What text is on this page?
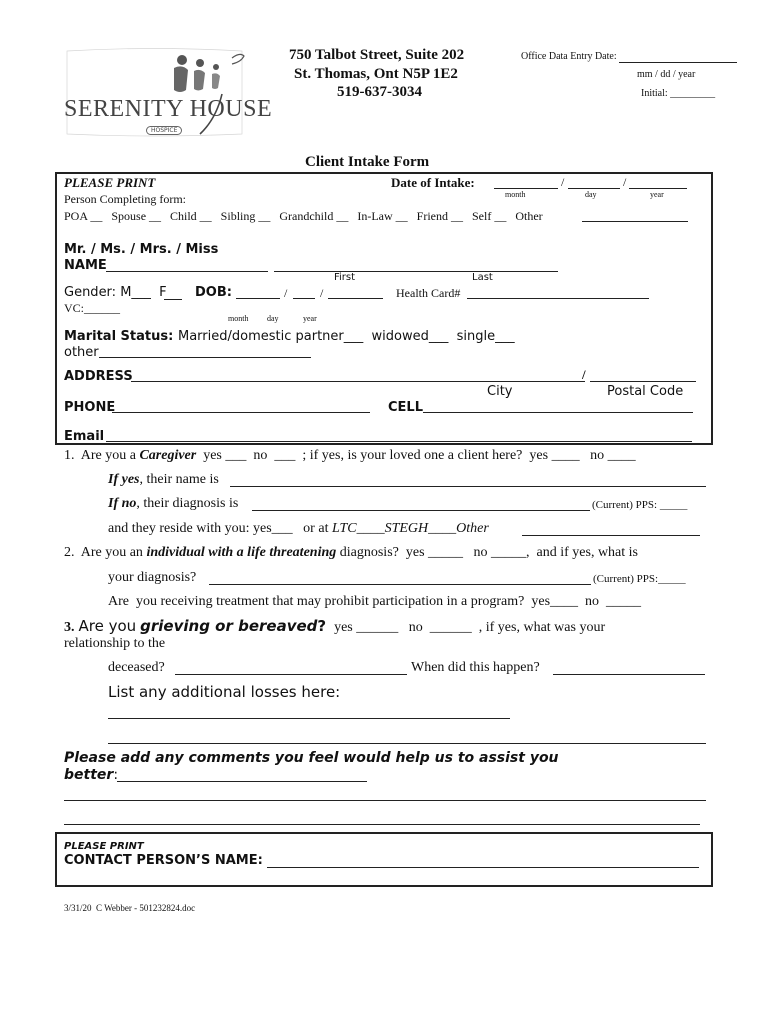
SERENITY HOUSE
HOSPICE
750 Talbot Street, Suite 202
St. Thomas, Ont N5P 1E2
519-637-3034
Office Data Entry Date:
mm / dd / year
Initial: _________
Client Intake Form
PLEASE PRINT	Date of Intake:	/	/
month	day	year
Person Completing form:
POA __   Spouse __   Child __   Sibling __   Grandchild __   In-Law __   Friend __   Self __   Other
Mr. / Ms. / Mrs. / Miss
NAME
First	Last
Gender: M___  F DOB:	/	/	Health Card#
VC:______
month day	year
Marital Status: Married/domestic partner___  widowed___  single___
other
ADDRESS	/
City	Postal Code
PHONE	CELL
Email
1.  Are you a Caregiver  yes ___  no  ___  ; if yes, is your loved one a client here?  yes ____   no ____
If yes, their name is
If no, their diagnosis is	(Current) PPS: _____
and they reside with you: yes___   or at LTC____STEGH____Other
2.  Are you an individual with a life threatening diagnosis?  yes _____   no _____,  and if yes, what is
your diagnosis?	(Current) PPS:_____
Are  you receiving treatment that may prohibit participation in a program?  yes____  no  _____
3. Are you grieving or bereaved? yes ______   no  ______  , if yes, what was your
relationship to the
deceased?	When did this happen?
List any additional losses here:
Please add any comments you feel would help us to assist you
better:
PLEASE PRINT
CONTACT PERSON’S NAME:
3/31/20  C Webber - 501232824.doc
